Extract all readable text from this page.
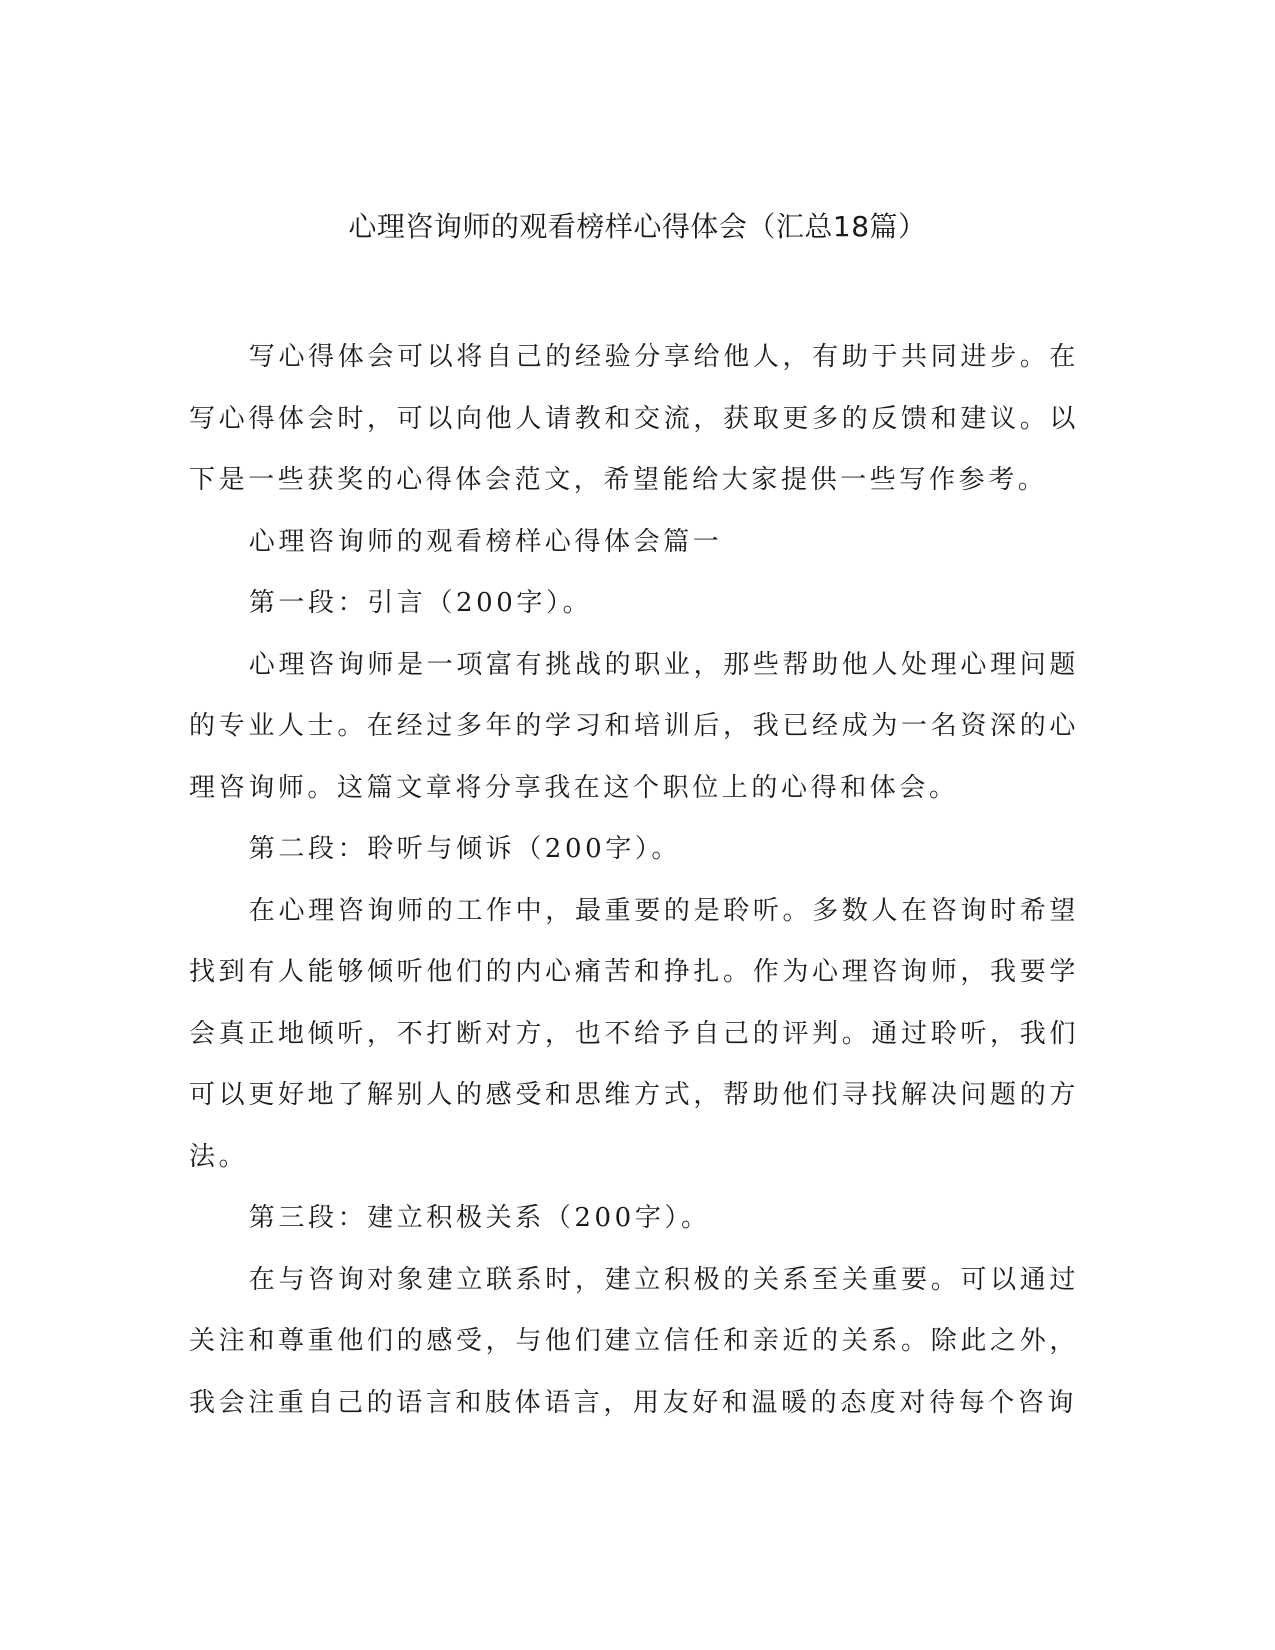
心理咨询师的观看榜样心得体会（汇总18篇）

写心得体会可以将自己的经验分享给他人，有助于共同进步。在写心得体会时，可以向他人请教和交流，获取更多的反馈和建议。以下是一些获奖的心得体会范文，希望能给大家提供一些写作参考。

心理咨询师的观看榜样心得体会篇一

第一段：引言（200字）。

心理咨询师是一项富有挑战的职业，那些帮助他人处理心理问题的专业人士。在经过多年的学习和培训后，我已经成为一名资深的心理咨询师。这篇文章将分享我在这个职位上的心得和体会。

第二段：聆听与倾诉（200字）。

在心理咨询师的工作中，最重要的是聆听。多数人在咨询时希望找到有人能够倾听他们的内心痛苦和挣扎。作为心理咨询师，我要学会真正地倾听，不打断对方，也不给予自己的评判。通过聆听，我们可以更好地了解别人的感受和思维方式，帮助他们寻找解决问题的方法。

第三段：建立积极关系（200字）。

在与咨询对象建立联系时，建立积极的关系至关重要。可以通过关注和尊重他们的感受，与他们建立信任和亲近的关系。除此之外，我会注重自己的语言和肢体语言，用友好和温暖的态度对待每个咨询
